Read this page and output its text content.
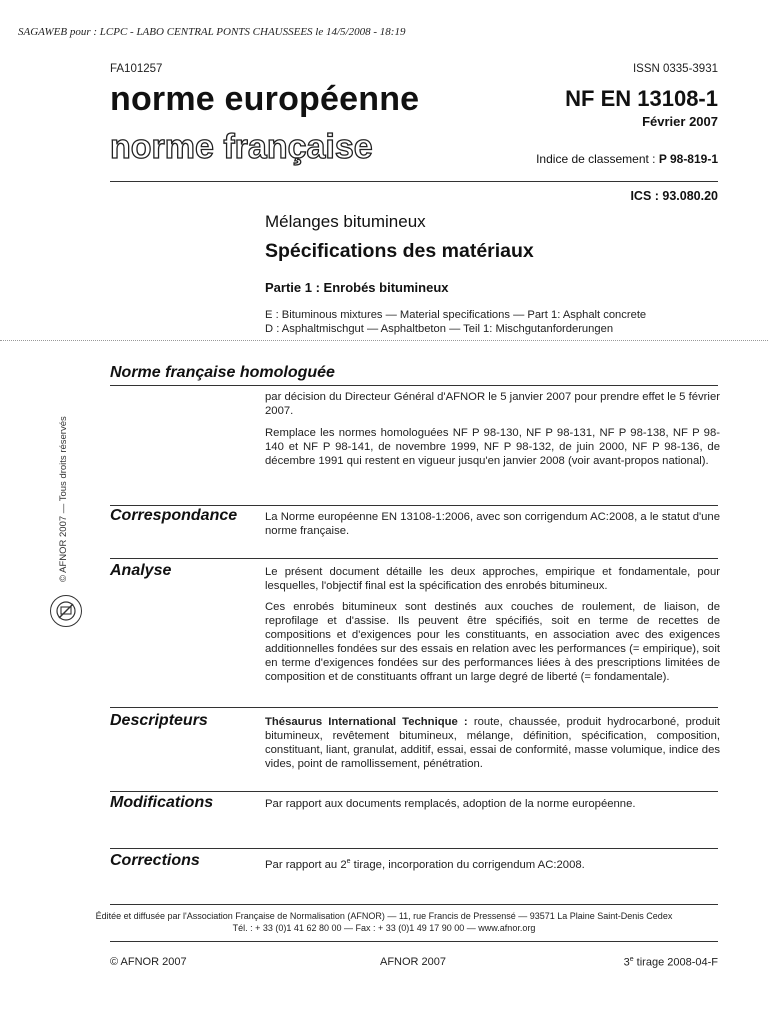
SAGAWEB pour : LCPC - LABO CENTRAL PONTS CHAUSSEES le 14/5/2008 - 18:19
FA101257	ISSN 0335-3931
norme européenne
norme française
NF EN 13108-1
Février 2007
Indice de classement : P 98-819-1
ICS : 93.080.20
Mélanges bitumineux
Spécifications des matériaux
Partie 1 : Enrobés bitumineux
E : Bituminous mixtures — Material specifications — Part 1: Asphalt concrete
D : Asphaltmischgut — Asphaltbeton — Teil 1: Mischgutanforderungen
Norme française homologuée
par décision du Directeur Général d'AFNOR le 5 janvier 2007 pour prendre effet le 5 février 2007.
Remplace les normes homologuées NF P 98-130, NF P 98-131, NF P 98-138, NF P 98-140 et NF P 98-141, de novembre 1999, NF P 98-132, de juin 2000, NF P 98-136, de décembre 1991 qui restent en vigueur jusqu'en janvier 2008 (voir avant-propos national).
Correspondance La Norme européenne EN 13108-1:2006, avec son corrigendum AC:2008, a le statut d'une norme française.
Analyse	Le présent document détaille les deux approches, empirique et fondamentale, pour lesquelles, l'objectif final est la spécification des enrobés bitumineux.
Ces enrobés bitumineux sont destinés aux couches de roulement, de liaison, de reprofilage et d'assise. Ils peuvent être spécifiés, soit en terme de recettes de compositions et d'exigences pour les constituants, en association avec des exigences additionnelles fondées sur des essais en relation avec les performances (= empirique), soit en terme d'exigences fondées sur des performances liées à des prescriptions limitées de composition et de constituants offrant un large degré de liberté (= fondamentale).
Descripteurs	Thésaurus International Technique : route, chaussée, produit hydrocarboné, produit bitumineux, revêtement bitumineux, mélange, définition, spécification, composition, constituant, liant, granulat, additif, essai, essai de conformité, masse volumique, indice des vides, point de ramollissement, pénétration.
Modifications	Par rapport aux documents remplacés, adoption de la norme européenne.
Corrections	Par rapport au 2e tirage, incorporation du corrigendum AC:2008.
© AFNOR 2007 — Tous droits réservés
Éditée et diffusée par l'Association Française de Normalisation (AFNOR) — 11, rue Francis de Pressensé — 93571 La Plaine Saint-Denis Cedex
Tél. : + 33 (0)1 41 62 80 00 — Fax : + 33 (0)1 49 17 90 00 — www.afnor.org
© AFNOR 2007	AFNOR 2007	3e tirage 2008-04-F
